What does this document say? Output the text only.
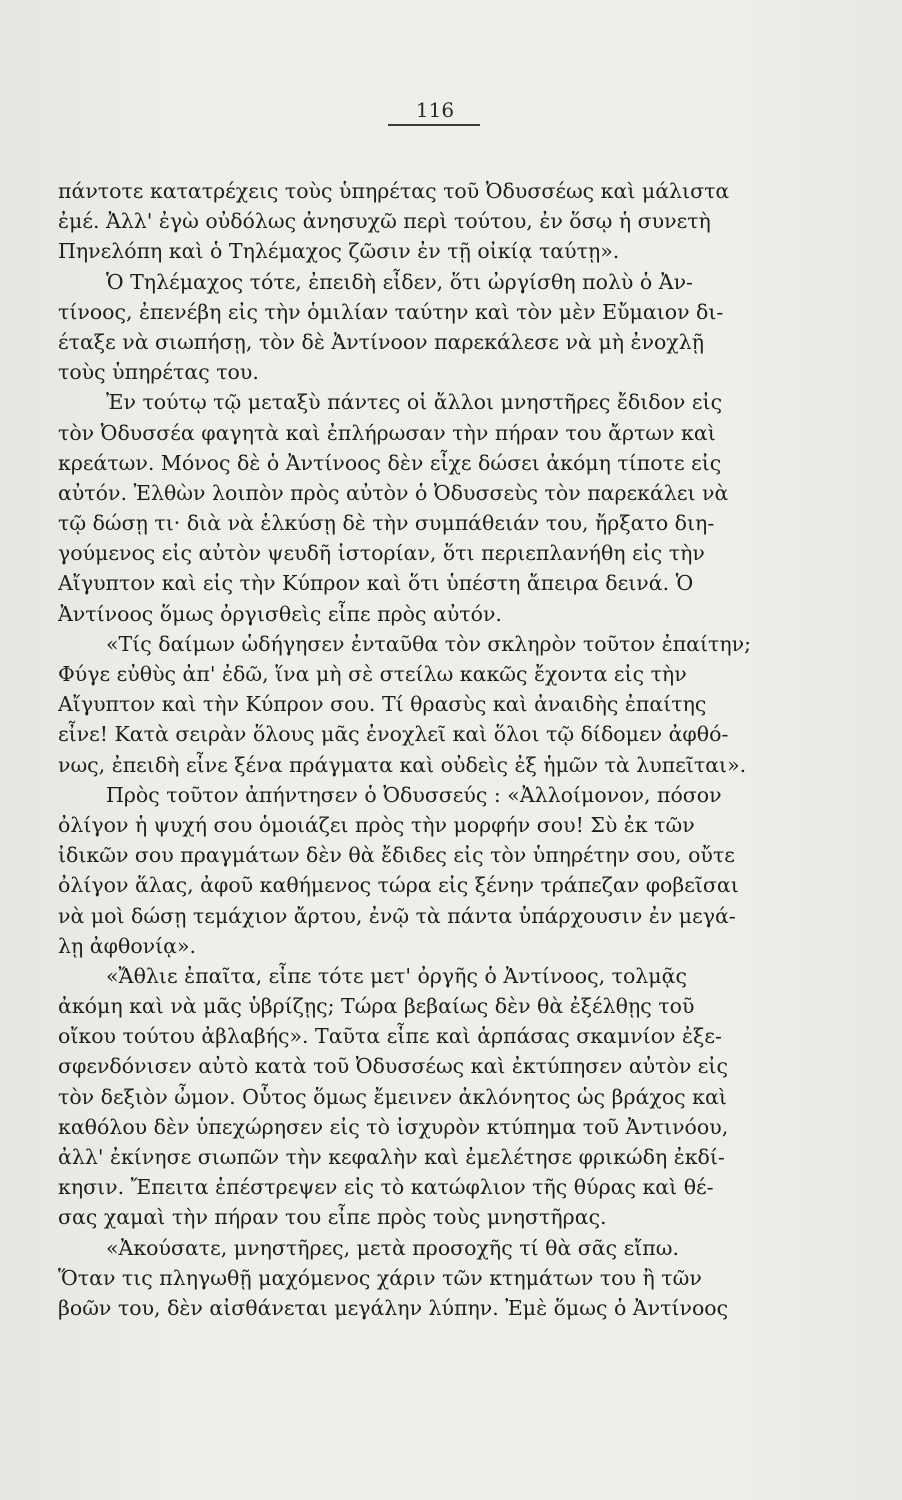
116
πάντοτε κατατρέχεις τοὺς ὑπηρέτας τοῦ Ὀδυσσέως καὶ μάλιστα
ἐμέ. Ἀλλ' ἐγὼ οὐδόλως ἀνησυχῶ περὶ τούτου, ἐν ὅσῳ ἡ συνετὴ
Πηνελόπη καὶ ὁ Τηλέμαχος ζῶσιν ἐν τῇ οἰκίᾳ ταύτῃ».
Ὁ Τηλέμαχος τότε, ἐπειδὴ εἶδεν, ὅτι ὠργίσθη πολὺ ὁ Ἀν-
τίνοος, ἐπενέβη εἰς τὴν ὁμιλίαν ταύτην καὶ τὸν μὲν Εὔμαιον δι-
έταξε νὰ σιωπήσῃ, τὸν δὲ Ἀντίνοον παρεκάλεσε νὰ μὴ ἐνοχλῇ
τοὺς ὑπηρέτας του.
Ἐν τούτῳ τῷ μεταξὺ πάντες οἱ ἄλλοι μνηστῆρες ἔδιδον εἰς
τὸν Ὀδυσσέα φαγητὰ καὶ ἐπλήρωσαν τὴν πήραν του ἄρτων καὶ
κρεάτων. Μόνος δὲ ὁ Ἀντίνοος δὲν εἶχε δώσει ἀκόμη τίποτε εἰς
αὐτόν. Ἐλθὼν λοιπὸν πρὸς αὐτὸν ὁ Ὀδυσσεὺς τὸν παρεκάλει νὰ
τῷ δώσῃ τι· διὰ νὰ ἑλκύσῃ δὲ τὴν συμπάθειάν του, ἤρξατο διη-
γούμενος εἰς αὐτὸν ψευδῆ ἱστορίαν, ὅτι περιεπλανήθη εἰς τὴν
Αἴγυπτον καὶ εἰς τὴν Κύπρον καὶ ὅτι ὑπέστη ἄπειρα δεινά. Ὁ
Ἀντίνοος ὅμως ὀργισθεὶς εἶπε πρὸς αὐτόν.
«Τίς δαίμων ὡδήγησεν ἐνταῦθα τὸν σκληρὸν τοῦτον ἐπαίτην;
Φύγε εὐθὺς ἀπ' ἐδῶ, ἵνα μὴ σὲ στείλω κακῶς ἔχοντα εἰς τὴν
Αἴγυπτον καὶ τὴν Κύπρον σου. Τί θρασὺς καὶ ἀναιδὴς ἐπαίτης
εἶνε! Κατὰ σειρὰν ὅλους μᾶς ἐνοχλεῖ καὶ ὅλοι τῷ δίδομεν ἀφθό-
νως, ἐπειδὴ εἶνε ξένα πράγματα καὶ οὐδεὶς ἐξ ἡμῶν τὰ λυπεῖται».
Πρὸς τοῦτον ἀπήντησεν ὁ Ὀδυσσεύς : «Ἀλλοίμονον, πόσον
ὀλίγον ἡ ψυχή σου ὁμοιάζει πρὸς τὴν μορφήν σου! Σὺ ἐκ τῶν
ἰδικῶν σου πραγμάτων δὲν θὰ ἔδιδες εἰς τὸν ὑπηρέτην σου, οὔτε
ὀλίγον ἅλας, ἀφοῦ καθήμενος τώρα εἰς ξένην τράπεζαν φοβεῖσαι
νὰ μοὶ δώσῃ τεμάχιον ἄρτου, ἐνῷ τὰ πάντα ὑπάρχουσιν ἐν μεγά-
λῃ ἀφθονίᾳ».
«Ἄθλιε ἐπαῖτα, εἶπε τότε μετ' ὀργῆς ὁ Ἀντίνοος, τολμᾷς
ἀκόμη καὶ νὰ μᾶς ὑβρίζῃς; Τώρα βεβαίως δὲν θὰ ἐξέλθῃς τοῦ
οἴκου τούτου ἀβλαβής». Ταῦτα εἶπε καὶ ἁρπάσας σκαμνίον ἐξε-
σφενδόνισεν αὐτὸ κατὰ τοῦ Ὀδυσσέως καὶ ἐκτύπησεν αὐτὸν εἰς
τὸν δεξιὸν ὦμον. Οὗτος ὅμως ἔμεινεν ἀκλόνητος ὡς βράχος καὶ
καθόλου δὲν ὑπεχώρησεν εἰς τὸ ἰσχυρὸν κτύπημα τοῦ Ἀντινόου,
ἀλλ' ἐκίνησε σιωπῶν τὴν κεφαλὴν καὶ ἐμελέτησε φρικώδη ἐκδί-
κησιν. Ἔπειτα ἐπέστρεψεν εἰς τὸ κατώφλιον τῆς θύρας καὶ θέ-
σας χαμαὶ τὴν πήραν του εἶπε πρὸς τοὺς μνηστῆρας.
«Ἀκούσατε, μνηστῆρες, μετὰ προσοχῆς τί θὰ σᾶς εἴπω.
Ὅταν τις πληγωθῇ μαχόμενος χάριν τῶν κτημάτων του ἢ τῶν
βοῶν του, δὲν αἰσθάνεται μεγάλην λύπην. Ἐμὲ ὅμως ὁ Ἀντίνοος
